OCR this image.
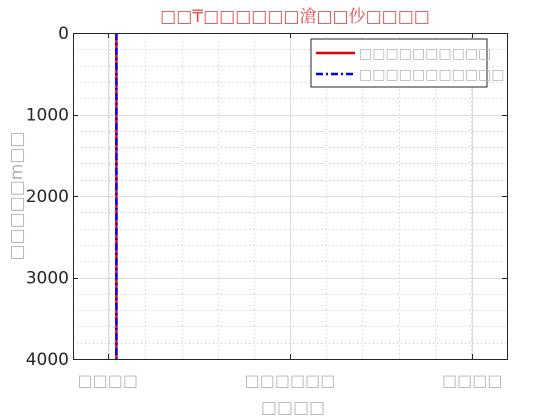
0
1000
2000
3000
4000
□□□□	□□□□□□	□□□□
□□₸□□□□□□滄□□仯□□□□
□□□□
□□□□□m□□
□□□□□□□□□□
□□□□□□□□□□□
